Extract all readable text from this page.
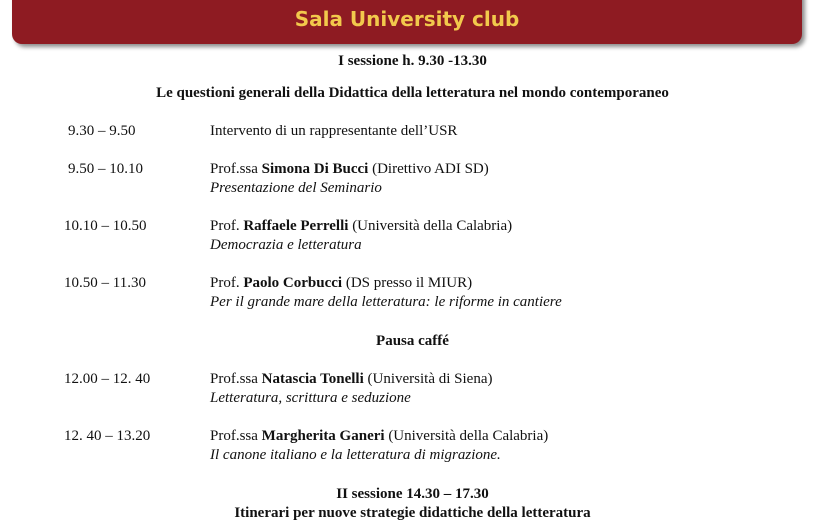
Sala University club
I sessione h. 9.30 -13.30
Le questioni generali della Didattica della letteratura nel mondo contemporaneo
9.30 – 9.50	Intervento di un rappresentante dell’USR
9.50 – 10.10	Prof.ssa Simona Di Bucci (Direttivo ADI SD)
Presentazione del Seminario
10.10 – 10.50	Prof. Raffaele Perrelli (Università della Calabria)
Democrazia e letteratura
10.50 – 11.30	Prof. Paolo Corbucci (DS presso il MIUR)
Per il grande mare della letteratura: le riforme in cantiere
Pausa caffé
12.00 – 12. 40	Prof.ssa Natascia Tonelli (Università di Siena)
Letteratura, scrittura e seduzione
12. 40 – 13.20	Prof.ssa Margherita Ganeri (Università della Calabria)
Il canone italiano e la letteratura di migrazione.
II sessione 14.30 – 17.30
Itinerari per nuove strategie didattiche della letteratura
